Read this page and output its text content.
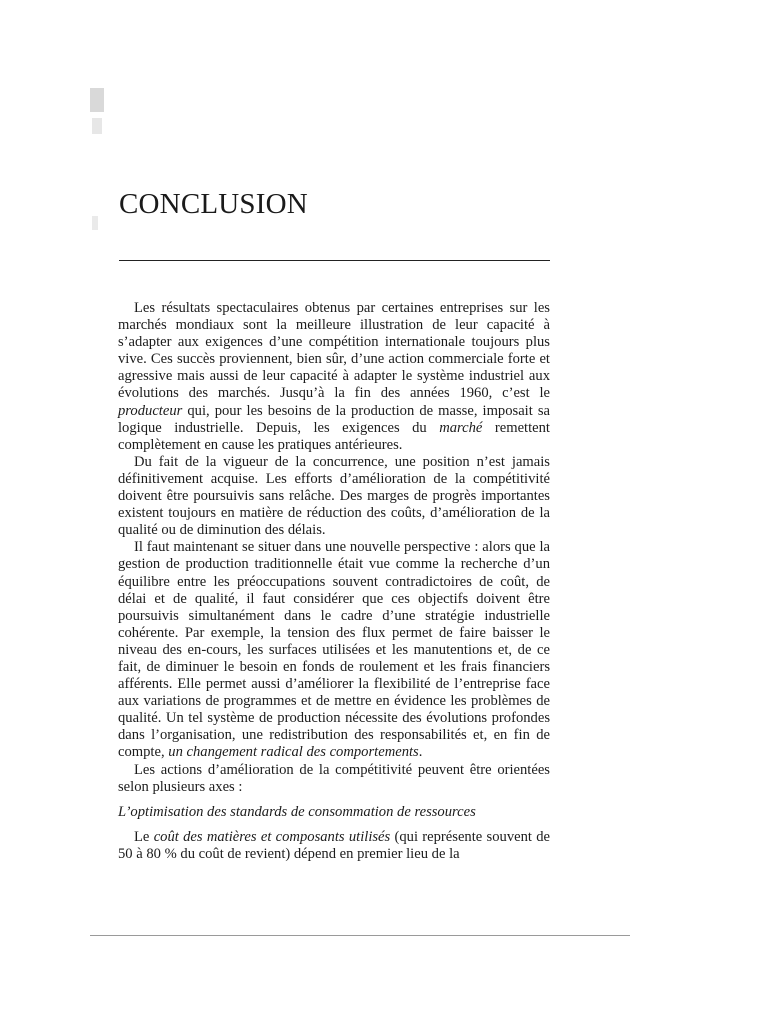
CONCLUSION

Les résultats spectaculaires obtenus par certaines entreprises sur les marchés mondiaux sont la meilleure illustration de leur capacité à s’adapter aux exigences d’une compétition internationale toujours plus vive. Ces succès proviennent, bien sûr, d’une action commerciale forte et agressive mais aussi de leur capacité à adapter le système industriel aux évolutions des marchés. Jusqu’à la fin des années 1960, c’est le producteur qui, pour les besoins de la production de masse, imposait sa logique industrielle. Depuis, les exigences du marché remettent complètement en cause les pratiques antérieures.

Du fait de la vigueur de la concurrence, une position n’est jamais définitivement acquise. Les efforts d’amélioration de la compétitivité doivent être poursuivis sans relâche. Des marges de progrès importantes existent toujours en matière de réduction des coûts, d’amélioration de la qualité ou de diminution des délais.

Il faut maintenant se situer dans une nouvelle perspective : alors que la gestion de production traditionnelle était vue comme la recherche d’un équilibre entre les préoccupations souvent contradictoires de coût, de délai et de qualité, il faut considérer que ces objectifs doivent être poursuivis simultanément dans le cadre d’une stratégie industrielle cohérente. Par exemple, la tension des flux permet de faire baisser le niveau des en-cours, les surfaces utilisées et les manutentions et, de ce fait, de diminuer le besoin en fonds de roulement et les frais financiers afférents. Elle permet aussi d’améliorer la flexibilité de l’entreprise face aux variations de programmes et de mettre en évidence les problèmes de qualité. Un tel système de production nécessite des évolutions profondes dans l’organisation, une redistribution des responsabilités et, en fin de compte, un changement radical des comportements.

Les actions d’amélioration de la compétitivité peuvent être orientées selon plusieurs axes :

L’optimisation des standards de consommation de ressources

Le coût des matières et composants utilisés (qui représente souvent de 50 à 80 % du coût de revient) dépend en premier lieu de la
